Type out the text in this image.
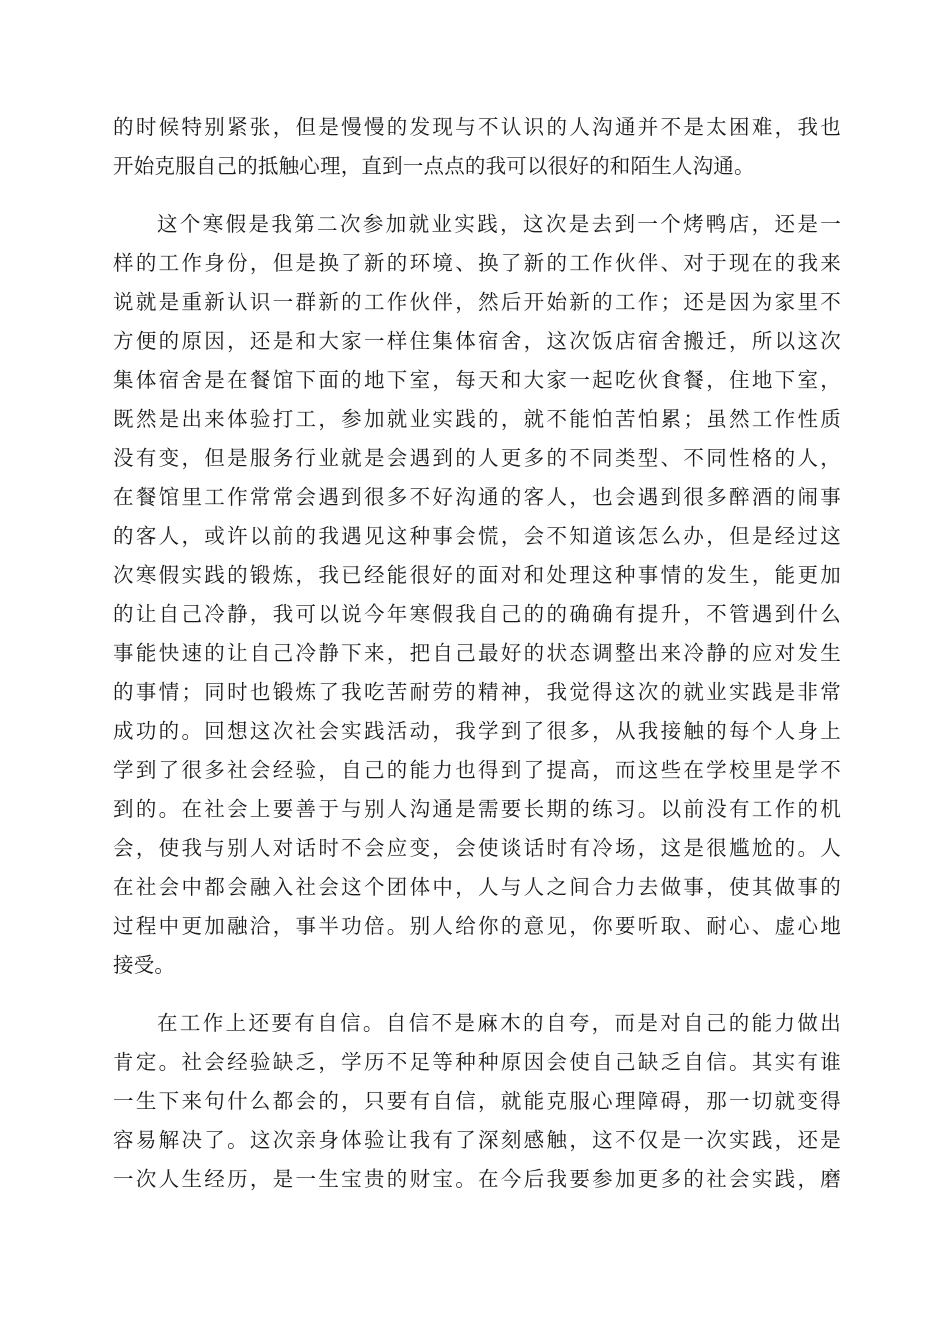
的时候特别紧张，但是慢慢的发现与不认识的人沟通并不是太困难，我也
开始克服自己的抵触心理，直到一点点的我可以很好的和陌生人沟通。
这个寒假是我第二次参加就业实践，这次是去到一个烤鸭店，还是一
样的工作身份，但是换了新的环境、换了新的工作伙伴、对于现在的我来
说就是重新认识一群新的工作伙伴，然后开始新的工作；还是因为家里不
方便的原因，还是和大家一样住集体宿舍，这次饭店宿舍搬迁，所以这次
集体宿舍是在餐馆下面的地下室，每天和大家一起吃伙食餐，住地下室，
既然是出来体验打工，参加就业实践的，就不能怕苦怕累；虽然工作性质
没有变，但是服务行业就是会遇到的人更多的不同类型、不同性格的人，
在餐馆里工作常常会遇到很多不好沟通的客人，也会遇到很多醉酒的闹事
的客人，或许以前的我遇见这种事会慌，会不知道该怎么办，但是经过这
次寒假实践的锻炼，我已经能很好的面对和处理这种事情的发生，能更加
的让自己冷静，我可以说今年寒假我自己的的确确有提升，不管遇到什么
事能快速的让自己冷静下来，把自己最好的状态调整出来冷静的应对发生
的事情；同时也锻炼了我吃苦耐劳的精神，我觉得这次的就业实践是非常
成功的。回想这次社会实践活动，我学到了很多，从我接触的每个人身上
学到了很多社会经验，自己的能力也得到了提高，而这些在学校里是学不
到的。在社会上要善于与别人沟通是需要长期的练习。以前没有工作的机
会，使我与别人对话时不会应变，会使谈话时有冷场，这是很尴尬的。人
在社会中都会融入社会这个团体中，人与人之间合力去做事，使其做事的
过程中更加融洽，事半功倍。别人给你的意见，你要听取、耐心、虚心地
接受。
在工作上还要有自信。自信不是麻木的自夸，而是对自己的能力做出
肯定。社会经验缺乏，学历不足等种种原因会使自己缺乏自信。其实有谁
一生下来句什么都会的，只要有自信，就能克服心理障碍，那一切就变得
容易解决了。这次亲身体验让我有了深刻感触，这不仅是一次实践，还是
一次人生经历，是一生宝贵的财宝。在今后我要参加更多的社会实践，磨
